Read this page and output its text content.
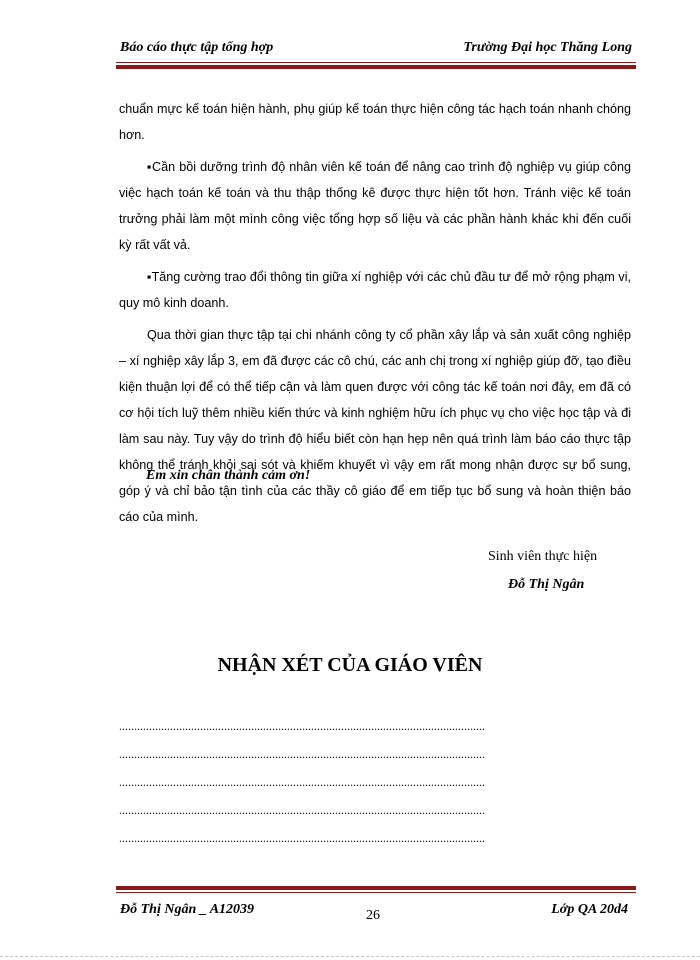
Báo cáo thực tập tổng hợp	Trường Đại học Thăng Long

chuẩn mực kế toán hiện hành, phụ giúp kế toán thực hiện công tác hạch toán nhanh chóng hơn.

▪Cần bồi dưỡng trình độ nhân viên kế toán để nâng cao trình độ nghiệp vụ giúp công việc hạch toán kế toán và thu thập thống kê được thực hiện tốt hơn. Tránh việc kế toán trưởng phải làm một mình công việc tổng hợp số liệu và các phần hành khác khi đến cuối kỳ rất vất vả.

▪Tăng cường trao đổi thông tin giữa xí nghiệp với các chủ đầu tư để mở rộng phạm vi, quy mô kinh doanh.

Qua thời gian thực tập tại chi nhánh công ty cổ phần xây lắp và sản xuất công nghiệp – xí nghiệp xây lắp 3, em đã được các cô chú, các anh chị trong xí nghiệp giúp đỡ, tạo điều kiện thuận lợi để có thể tiếp cận và làm quen được với công tác kế toán nơi đây, em đã có cơ hội tích luỹ thêm nhiều kiến thức và kinh nghiệm hữu ích phục vụ cho việc học tập và đi làm sau này. Tuy vậy do trình độ hiểu biết còn hạn hẹp nên quá trình làm báo cáo thực tập không thể tránh khỏi sai sót và khiếm khuyết vì vậy em rất mong nhận được sự bổ sung, góp ý và chỉ bảo tận tình của các thầy cô giáo để em tiếp tục bổ sung và hoàn thiện báo cáo của mình.

Em xin chân thành cảm ơn!
Sinh viên thực hiện
Đỗ Thị Ngân
NHẬN XÉT CỦA GIÁO VIÊN
..........................................................................................................................
..........................................................................................................................
..........................................................................................................................
..........................................................................................................................
..........................................................................................................................
Đỗ Thị Ngân _ A12039	26	Lớp QA 20d4
